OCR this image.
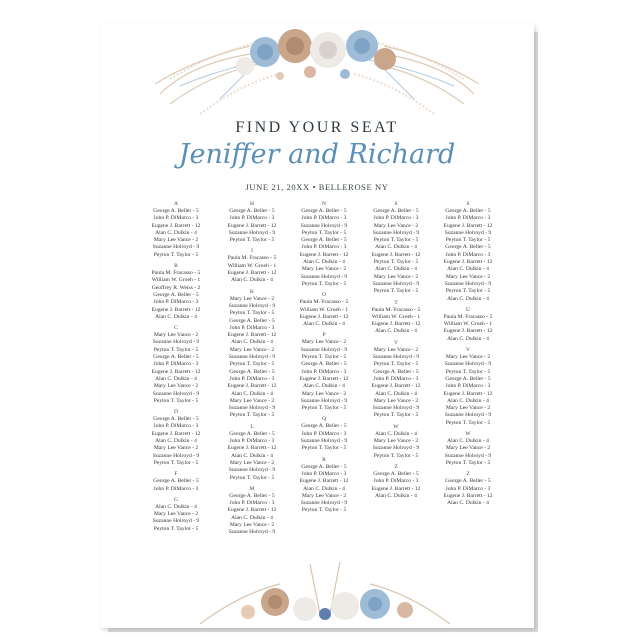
FIND YOUR SEAT
Jeniffer and Richard
JUNE 21, 20XX • BELLEROSE NY
A
George A. Beller - 5
John P. DiMarco - 3
Eugene J. Barrett - 12
Alan C. Dulkin - 4
Mary Lee Vance - 2
Suzanne Holroyd - 9
Peyton T. Taylor - 5
B
Paula M. Fracasso - 5
William W. Groeh - 1
Geoffrey R. Weiss - 2
George A. Beller - 5
John P. DiMarco - 3
Eugene J. Barrett - 12
Alan C. Dulkin - 4
C
Mary Lee Vance - 2
Suzanne Holroyd - 9
Peyton T. Taylor - 5
George A. Beller - 5
John P. DiMarco - 3
Eugene J. Barrett - 12
Alan C. Dulkin - 4
Mary Lee Vance - 2
Suzanne Holroyd - 9
Peyton T. Taylor - 5
D
George A. Beller - 5
John P. DiMarco - 3
Eugene J. Barrett - 12
Alan C. Dulkin - 4
Mary Lee Vance - 2
Suzanne Holroyd - 9
Peyton T. Taylor - 5
F
George A. Beller - 5
John P. DiMarco - 3
G
Alan C. Dulkin - 4
Mary Lee Vance - 2
Suzanne Holroyd - 9
Peyton T. Taylor - 5
H
George A. Beller - 5
John P. DiMarco - 3
Eugene J. Barrett - 12
Suzanne Holroyd - 9
Peyton T. Taylor - 5
I
Paula M. Fracasso - 5
William W. Groeh - 1
Eugene J. Barrett - 12
Alan C. Dulkin - 4
K
Mary Lee Vance - 2
Suzanne Holroyd - 9
Peyton T. Taylor - 5
George A. Beller - 5
John P. DiMarco - 3
Eugene J. Barrett - 12
Alan C. Dulkin - 4
Mary Lee Vance - 2
Suzanne Holroyd - 9
Peyton T. Taylor - 5
George A. Beller - 5
John P. DiMarco - 3
Eugene J. Barrett - 12
Alan C. Dulkin - 4
Mary Lee Vance - 2
Suzanne Holroyd - 9
Peyton T. Taylor - 5
L
George A. Beller - 5
John P. DiMarco - 3
Eugene J. Barrett - 12
Alan C. Dulkin - 4
Mary Lee Vance - 2
Suzanne Holroyd - 9
Peyton T. Taylor - 5
M
George A. Beller - 5
John P. DiMarco - 3
Eugene J. Barrett - 12
Alan C. Dulkin - 4
Mary Lee Vance - 2
Suzanne Holroyd - 9
N
George A. Beller - 5
John P. DiMarco - 3
Suzanne Holroyd - 9
Peyton T. Taylor - 5
George A. Beller - 5
John P. DiMarco - 3
Eugene J. Barrett - 12
Alan C. Dulkin - 4
Mary Lee Vance - 2
Suzanne Holroyd - 9
Peyton T. Taylor - 5
O
Paula M. Fracasso - 5
William W. Groeh - 1
Eugene J. Barrett - 12
Alan C. Dulkin - 4
P
Mary Lee Vance - 2
Suzanne Holroyd - 9
Peyton T. Taylor - 5
George A. Beller - 5
John P. DiMarco - 3
Eugene J. Barrett - 12
Alan C. Dulkin - 4
Mary Lee Vance - 2
Suzanne Holroyd - 9
Peyton T. Taylor - 5
Q
George A. Beller - 5
John P. DiMarco - 3
Suzanne Holroyd - 9
Peyton T. Taylor - 5
R
George A. Beller - 5
John P. DiMarco - 3
Eugene J. Barrett - 12
Alan C. Dulkin - 4
Mary Lee Vance - 2
Suzanne Holroyd - 9
Peyton T. Taylor - 5
S
George A. Beller - 5
John P. DiMarco - 3
Mary Lee Vance - 2
Suzanne Holroyd - 9
Peyton T. Taylor - 5
Alan C. Dulkin - 4
Eugene J. Barrett - 12
Peyton T. Taylor - 5
Alan C. Dulkin - 4
Mary Lee Vance - 2
Suzanne Holroyd - 9
Peyton T. Taylor - 5
T
Paula M. Fracasso - 5
William W. Groeh - 1
Eugene J. Barrett - 12
Alan C. Dulkin - 4
V
Mary Lee Vance - 2
Suzanne Holroyd - 9
Peyton T. Taylor - 5
George A. Beller - 5
John P. DiMarco - 3
Eugene J. Barrett - 12
Alan C. Dulkin - 4
Mary Lee Vance - 2
Suzanne Holroyd - 9
Peyton T. Taylor - 5
W
Alan C. Dulkin - 4
Mary Lee Vance - 2
Suzanne Holroyd - 9
Peyton T. Taylor - 5
Z
George A. Beller - 5
John P. DiMarco - 3
Eugene J. Barrett - 12
Alan C. Dulkin - 4
S
George A. Beller - 5
John P. DiMarco - 3
Eugene J. Barrett - 12
Suzanne Holroyd - 9
Peyton T. Taylor - 5
George A. Beller - 5
John P. DiMarco - 3
Eugene J. Barrett - 12
Alan C. Dulkin - 4
Mary Lee Vance - 2
Suzanne Holroyd - 9
Peyton T. Taylor - 5
Alan C. Dulkin - 4
U
Paula M. Fracasso - 5
William W. Groeh - 1
Eugene J. Barrett - 12
Alan C. Dulkin - 4
V
Mary Lee Vance - 2
Suzanne Holroyd - 9
Peyton T. Taylor - 5
George A. Beller - 5
John P. DiMarco - 3
Eugene J. Barrett - 12
Alan C. Dulkin - 4
Mary Lee Vance - 2
Suzanne Holroyd - 9
Peyton T. Taylor - 5
W
Alan C. Dulkin - 4
Mary Lee Vance - 2
Suzanne Holroyd - 9
Peyton T. Taylor - 5
Z
George A. Beller - 5
John P. DiMarco - 3
Eugene J. Barrett - 12
Alan C. Dulkin - 4
